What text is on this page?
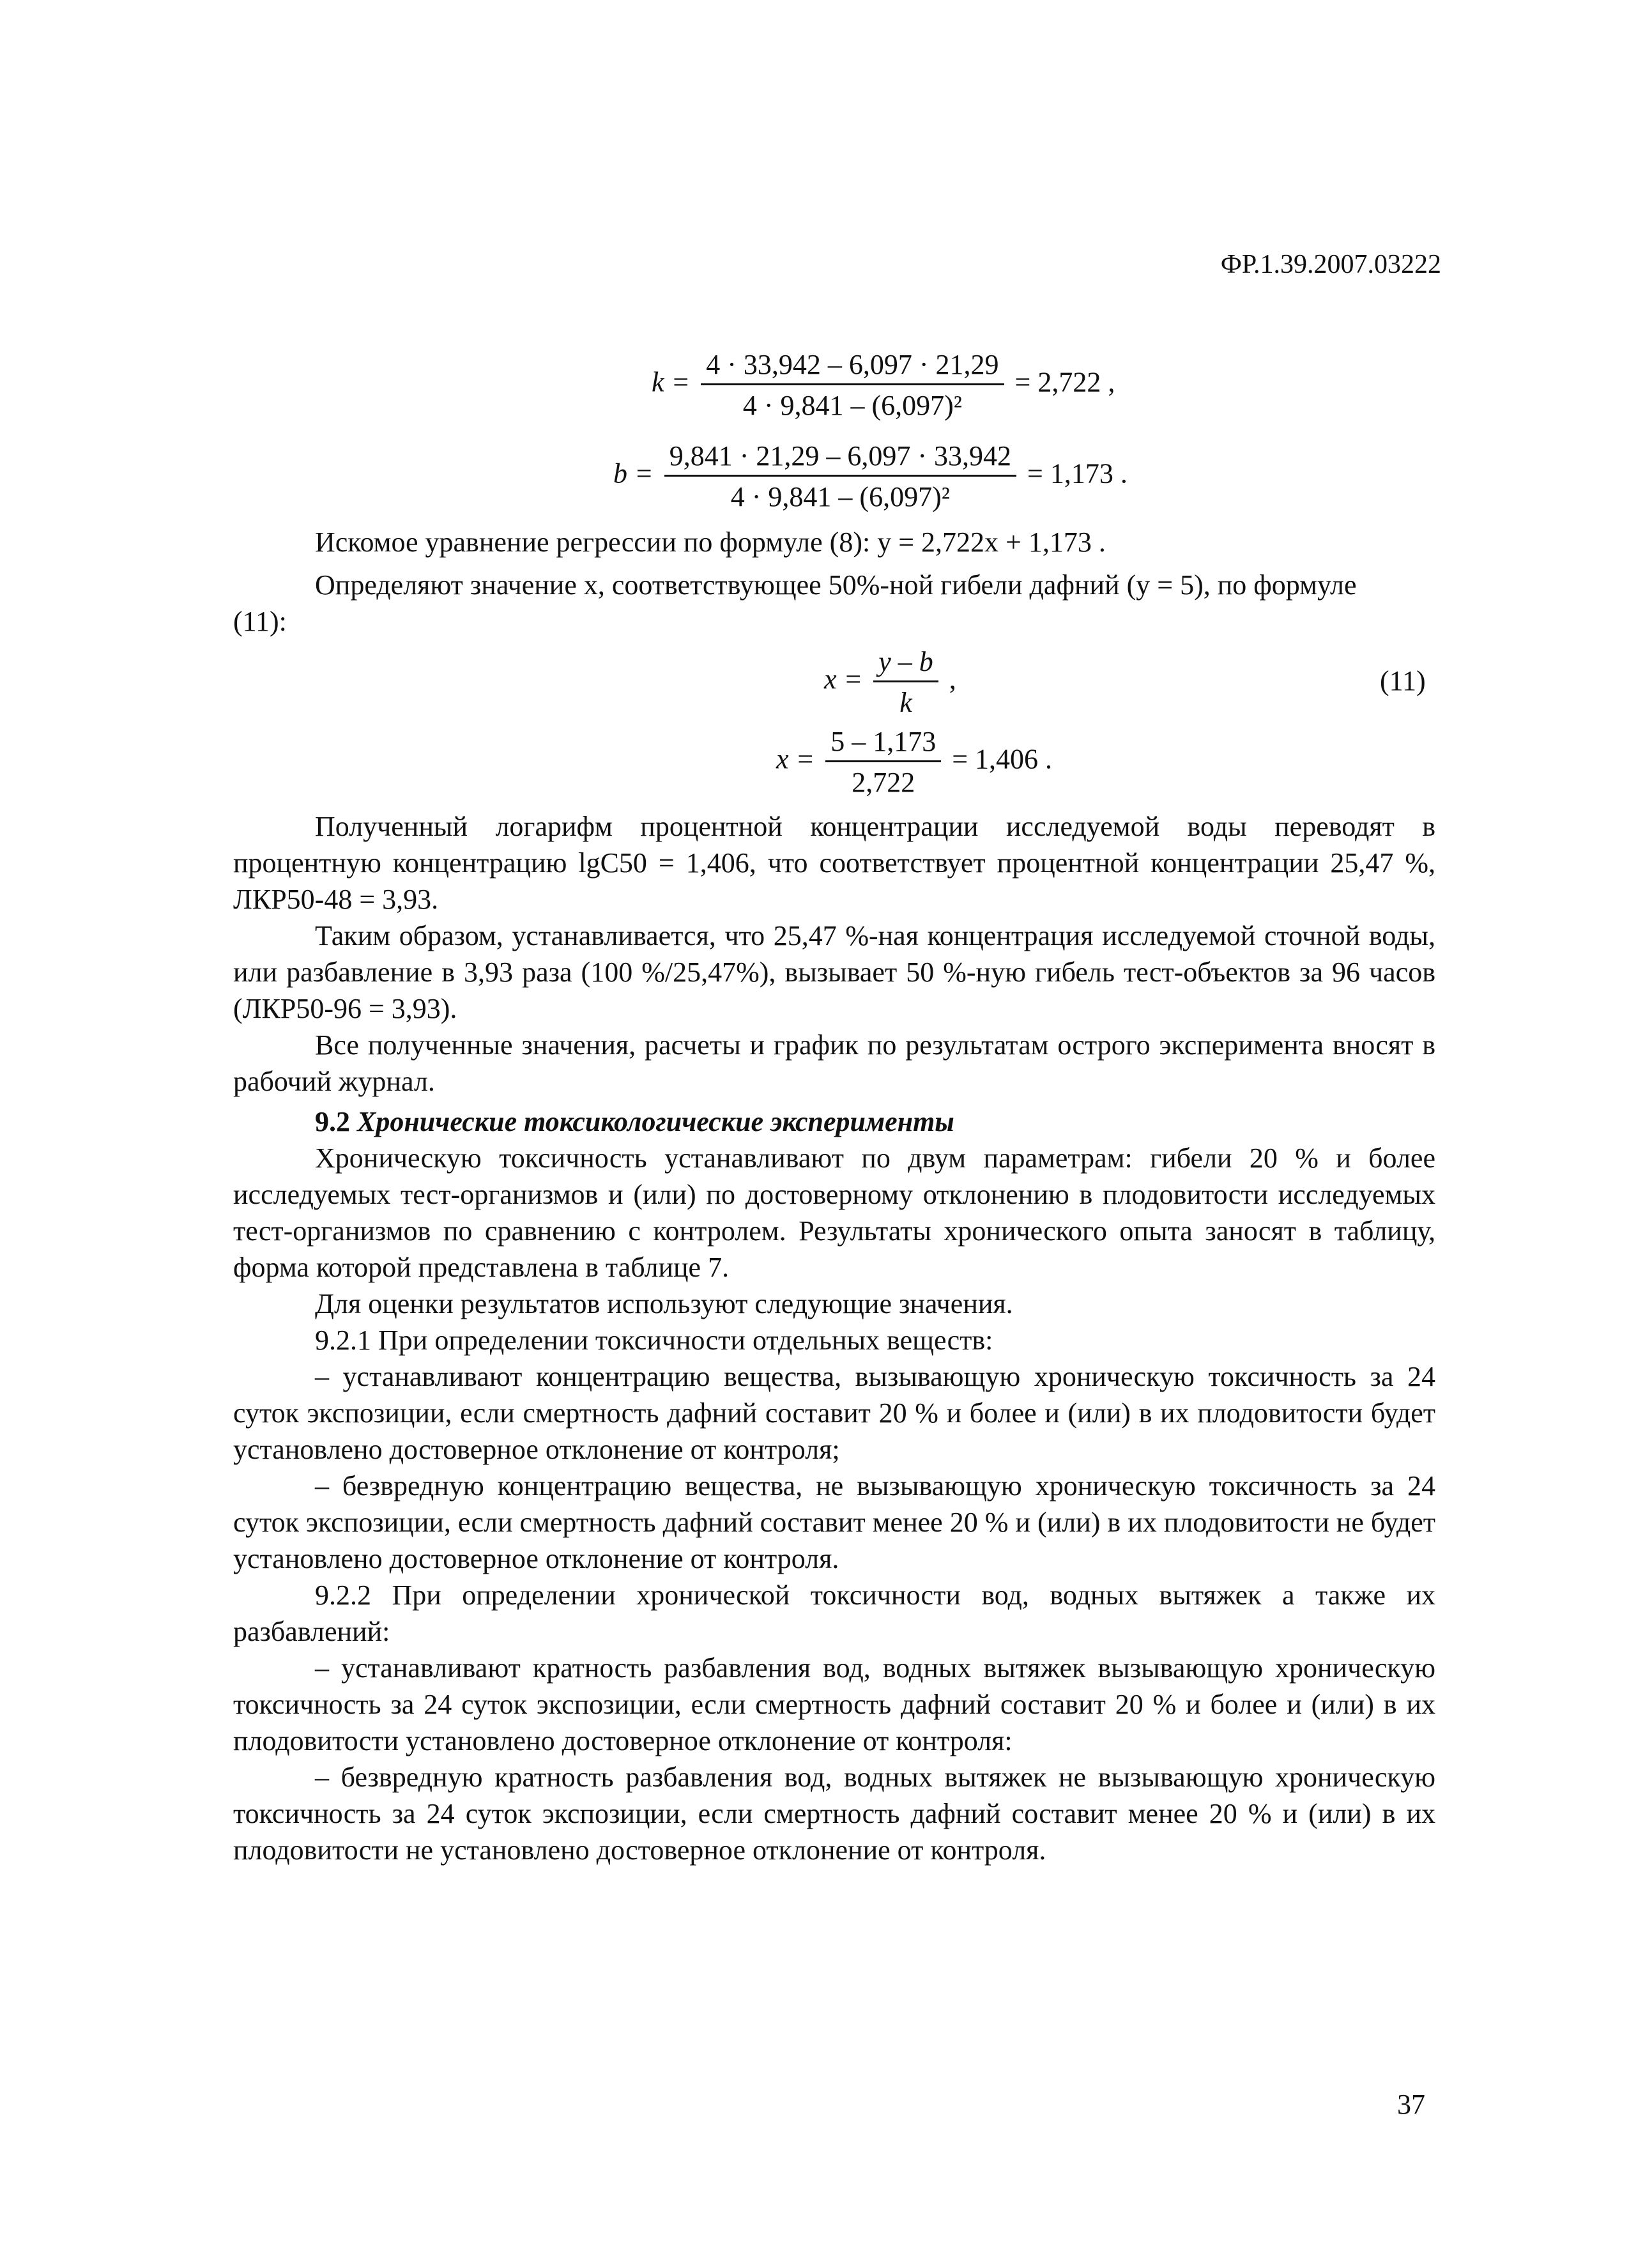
ФР.1.39.2007.03222
$k = \frac{4 \cdot 33,942 - 6,097 \cdot 21,29}{\text{4 · 9,841 – (6,097)²}} = 2,722$ ,
$b = \frac{9,841 \cdot 21,29 - 6,097 \cdot 33,942}{\text{4 · 9,841 – (6,097)²}} = 1,173$ .

Искомое уравнение регрессии по формуле (8): y = 2,722x + 1,173 .

Определяют значение x, соответствующее 50%-ной гибели дафний (y = 5), по формуле

(11):

$x = \frac{y - b}{k}$ ,	(11)
$x = \frac{5 - 1,173}{2,722} = 1,406$ .

Полученный логарифм процентной концентрации исследуемой воды переводят в процентную концентрацию lgC50 = 1,406, что соответствует процентной концентрации 25,47 %, ЛКР50-48 = 3,93.

Таким образом, устанавливается, что 25,47 %-ная концентрация исследуемой сточной воды, или разбавление в 3,93 раза (100 %/25,47%), вызывает 50 %-ную гибель тест-объектов за 96 часов (ЛКР50-96 = 3,93).

Все полученные значения, расчеты и график по результатам острого эксперимента вносят в рабочий журнал.

9.2 Хронические токсикологические эксперименты

Хроническую токсичность устанавливают по двум параметрам: гибели 20 % и более исследуемых тест-организмов и (или) по достоверному отклонению в плодовитости исследуемых тест-организмов по сравнению с контролем. Результаты хронического опыта заносят в таблицу, форма которой представлена в таблице 7.

Для оценки результатов используют следующие значения.

9.2.1 При определении токсичности отдельных веществ:

– устанавливают концентрацию вещества, вызывающую хроническую токсичность за 24 суток экспозиции, если смертность дафний составит 20 % и более и (или) в их плодовитости будет установлено достоверное отклонение от контроля;

– безвредную концентрацию вещества, не вызывающую хроническую токсичность за 24 суток экспозиции, если смертность дафний составит менее 20 % и (или) в их плодовитости не будет установлено достоверное отклонение от контроля.

9.2.2 При определении хронической токсичности вод, водных вытяжек а также их разбавлений:

– устанавливают кратность разбавления вод, водных вытяжек вызывающую хроническую токсичность за 24 суток экспозиции, если смертность дафний составит 20 % и более и (или) в их плодовитости установлено достоверное отклонение от контроля:

– безвредную кратность разбавления вод, водных вытяжек не вызывающую хроническую токсичность за 24 суток экспозиции, если смертность дафний составит менее 20 % и (или) в их плодовитости не установлено достоверное отклонение от контроля.

37
